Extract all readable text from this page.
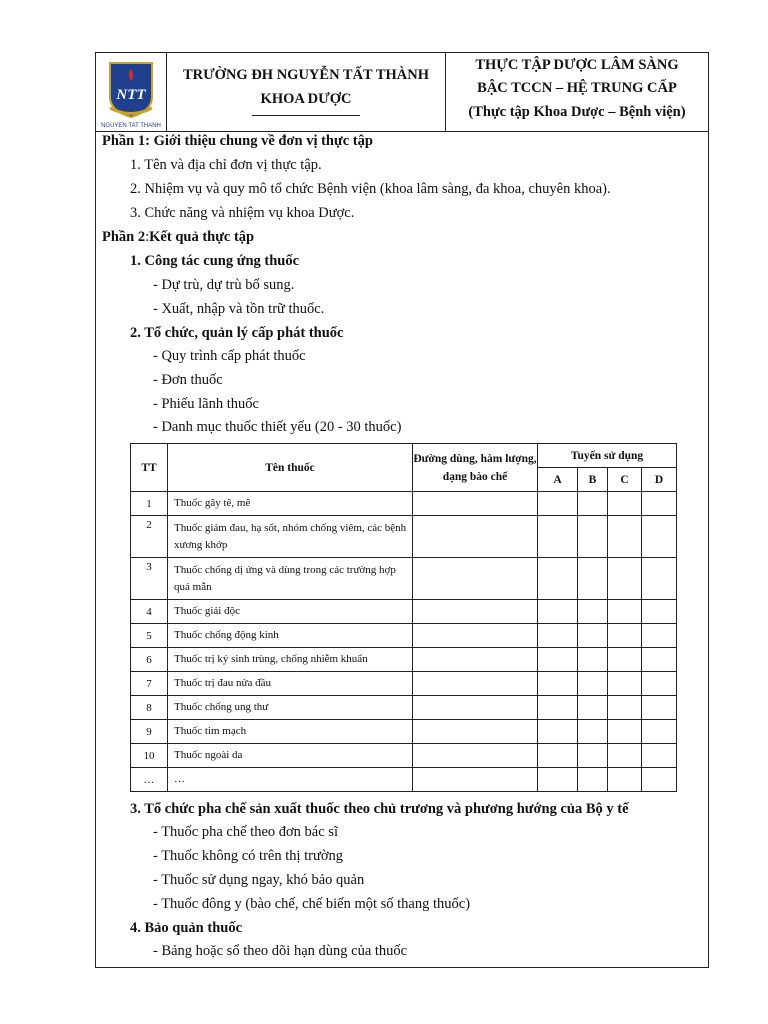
NTT
NGUYEN TAT THANH
TRƯỜNG ĐH NGUYỄN TẤT THÀNH
KHOA DƯỢC
THỰC TẬP DƯỢC LÂM SÀNG
BẬC TCCN – HỆ TRUNG CẤP
(Thực tập Khoa Dược – Bệnh viện)
Phần 1: Giới thiệu chung về đơn vị thực tập
1. Tên và địa chỉ đơn vị thực tập.
2. Nhiệm vụ và quy mô tổ chức Bệnh viện (khoa lâm sàng, đa khoa, chuyên khoa).
3. Chức năng và nhiệm vụ khoa Dược.
Phần 2:Kết quả thực tập
1. Công tác cung ứng thuốc
- Dự trù, dự trù bổ sung.
- Xuất, nhập và tồn trữ thuốc.
2. Tổ chức, quản lý cấp phát thuốc
- Quy trình cấp phát thuốc
- Đơn thuốc
- Phiếu lãnh thuốc
- Danh mục thuốc thiết yếu (20 - 30 thuốc)
TT	Tên thuốc	Đường dùng, hàm lượng, dạng bào chế	Tuyến sử dụng			
			A	B	C	D
1	Thuốc gây tê, mê					
2	Thuốc giảm đau, hạ sốt, nhóm chống viêm, các bệnh xương khớp					
3	Thuốc chống dị ứng và dùng trong các trường hợp quá mẫn					
4	Thuốc giải độc					
5	Thuốc chống động kinh					
6	Thuốc trị ký sinh trùng, chống nhiễm khuẩn					
7	Thuốc trị đau nửa đầu					
8	Thuốc chống ung thư					
9	Thuốc tim mạch					
10	Thuốc ngoài da					
…	…					
3. Tổ chức pha chế sản xuất thuốc theo chủ trương và phương hướng của Bộ y tế
- Thuốc pha chế theo đơn bác sĩ
- Thuốc không có trên thị trường
- Thuốc sử dụng ngay, khó bảo quản
- Thuốc đông y (bào chế, chế biến một số thang thuốc)
4. Bảo quản thuốc
- Bảng hoặc sổ theo dõi hạn dùng của thuốc
